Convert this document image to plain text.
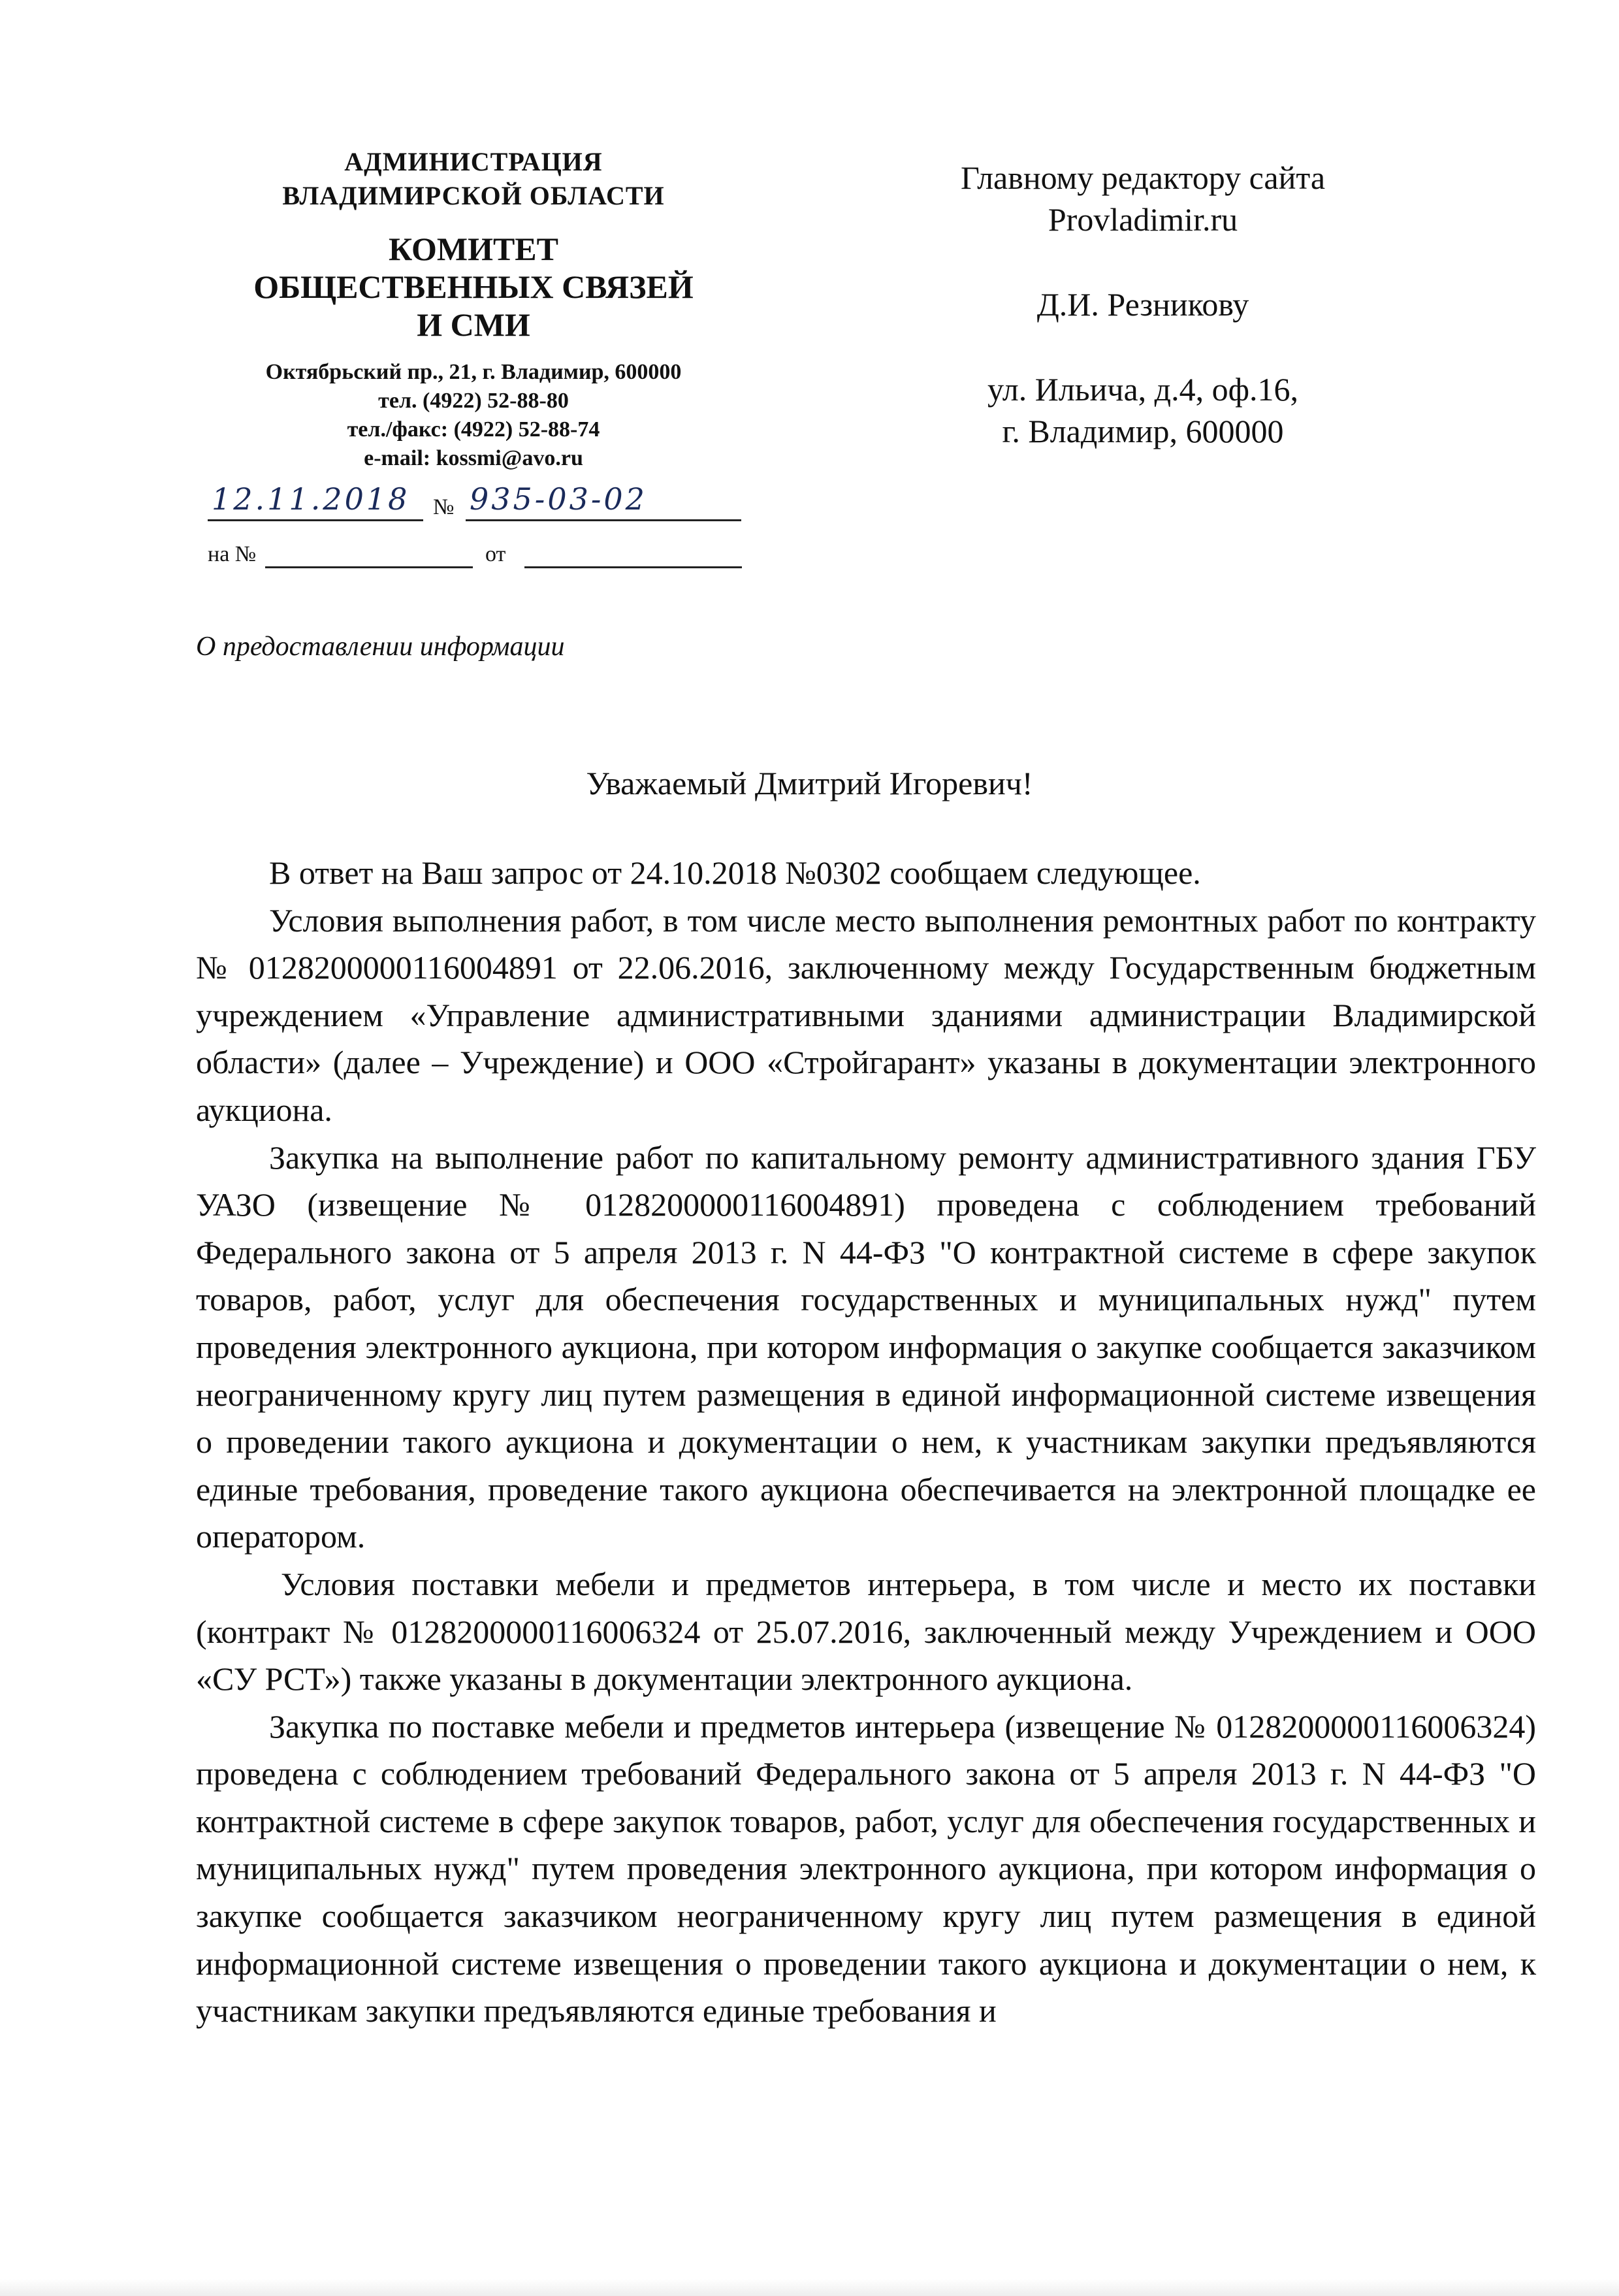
АДМИНИСТРАЦИЯ
ВЛАДИМИРСКОЙ ОБЛАСТИ
КОМИТЕТ
ОБЩЕСТВЕННЫХ СВЯЗЕЙ
И СМИ
Октябрьский пр., 21, г. Владимир, 600000
тел. (4922) 52-88-80
тел./факс: (4922) 52-88-74
e-mail: kossmi@avo.ru
Главному редактору сайта
Provladimir.ru
Д.И. Резникову
ул. Ильича, д.4, оф.16,
г. Владимир, 600000
12.11.2018 № 935-03-02
на №	от
О предоставлении информации
Уважаемый Дмитрий Игоревич!

В ответ на Ваш запрос от 24.10.2018 №0302 сообщаем следующее.

Условия выполнения работ, в том числе место выполнения ремонтных работ по контракту № 0128200000116004891 от 22.06.2016, заключенному между Государственным бюджетным учреждением «Управление административными зданиями администрации Владимирской области» (далее – Учреждение) и ООО «Стройгарант» указаны в документации электронного аукциона.

Закупка на выполнение работ по капитальному ремонту административного здания ГБУ УАЗО (извещение № 0128200000116004891) проведена с соблюдением требований Федерального закона от 5 апреля 2013 г. N 44-ФЗ "О контрактной системе в сфере закупок товаров, работ, услуг для обеспечения государственных и муниципальных нужд" путем проведения электронного аукциона, при котором информация о закупке сообщается заказчиком неограниченному кругу лиц путем размещения в единой информационной системе извещения о проведении такого аукциона и документации о нем, к участникам закупки предъявляются единые требования, проведение такого аукциона обеспечивается на электронной площадке ее оператором.

Условия поставки мебели и предметов интерьера, в том числе и место их поставки (контракт № 0128200000116006324 от 25.07.2016, заключенный между Учреждением и ООО «СУ РСТ») также указаны в документации электронного аукциона.

Закупка по поставке мебели и предметов интерьера (извещение № 0128200000116006324) проведена с соблюдением требований Федерального закона от 5 апреля 2013 г. N 44-ФЗ "О контрактной системе в сфере закупок товаров, работ, услуг для обеспечения государственных и муниципальных нужд" путем проведения электронного аукциона, при котором информация о закупке сообщается заказчиком неограниченному кругу лиц путем размещения в единой информационной системе извещения о проведении такого аукциона и документации о нем, к участникам закупки предъявляются единые требования и
